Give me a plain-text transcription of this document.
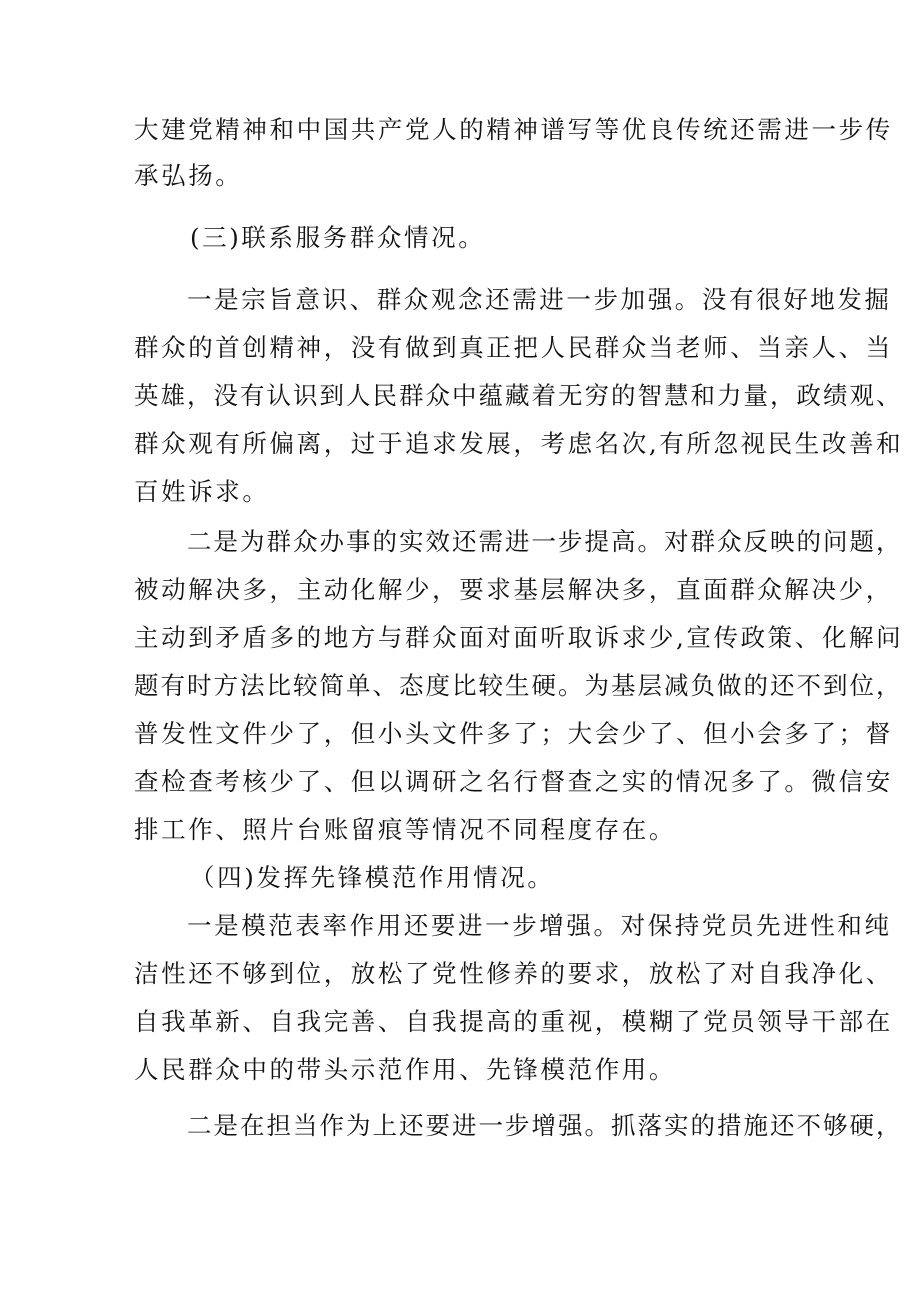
大建党精神和中国共产党人的精神谱写等优良传统还需进一步传
承弘扬。
(三)联系服务群众情况。
一是宗旨意识、群众观念还需进一步加强。没有很好地发掘
群众的首创精神，没有做到真正把人民群众当老师、当亲人、当
英雄，没有认识到人民群众中蕴藏着无穷的智慧和力量，政绩观、
群众观有所偏离，过于追求发展，考虑名次,有所忽视民生改善和
百姓诉求。
二是为群众办事的实效还需进一步提高。对群众反映的问题，
被动解决多，主动化解少，要求基层解决多，直面群众解决少，
主动到矛盾多的地方与群众面对面听取诉求少,宣传政策、化解问
题有时方法比较简单、态度比较生硬。为基层减负做的还不到位，
普发性文件少了，但小头文件多了；大会少了、但小会多了；督
查检查考核少了、但以调研之名行督查之实的情况多了。微信安
排工作、照片台账留痕等情况不同程度存在。
（四)发挥先锋模范作用情况。
一是模范表率作用还要进一步增强。对保持党员先进性和纯
洁性还不够到位，放松了党性修养的要求，放松了对自我净化、
自我革新、自我完善、自我提高的重视，模糊了党员领导干部在
人民群众中的带头示范作用、先锋模范作用。
二是在担当作为上还要进一步增强。抓落实的措施还不够硬，
